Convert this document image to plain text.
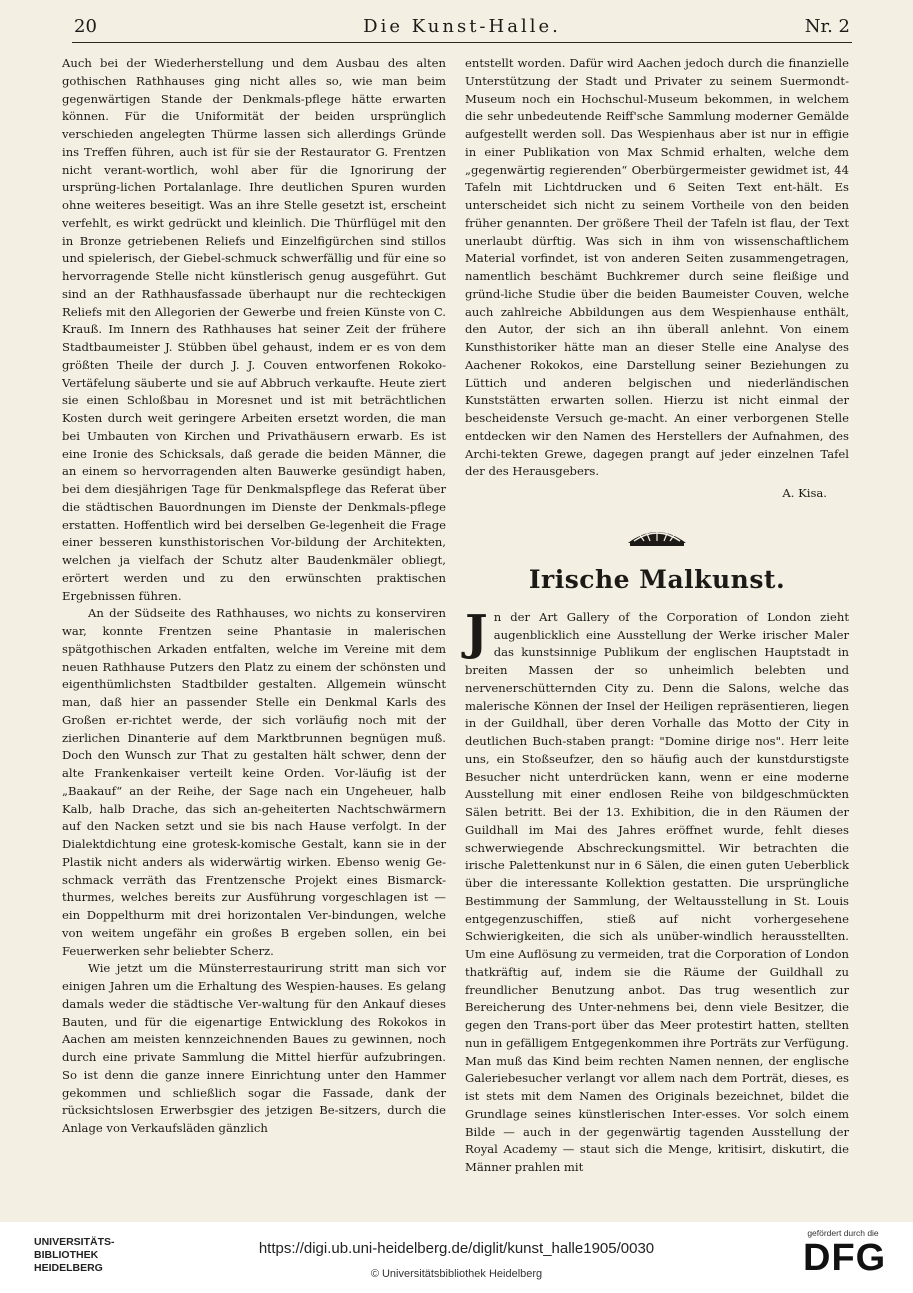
20	Die Kunst-Halle.	Nr. 2

Auch bei der Wiederherstellung und dem Ausbau des alten gothischen Rathhauses ging nicht alles so, wie man beim gegenwärtigen Stande der Denkmals-pflege hätte erwarten können. Für die Uniformität der beiden ursprünglich verschieden angelegten Thürme lassen sich allerdings Gründe ins Treffen führen, auch ist für sie der Restaurator G. Frentzen nicht verant-wortlich, wohl aber für die Ignorirung der ursprüng-lichen Portalanlage. Ihre deutlichen Spuren wurden ohne weiteres beseitigt. Was an ihre Stelle gesetzt ist, erscheint verfehlt, es wirkt gedrückt und kleinlich. Die Thürflügel mit den in Bronze getriebenen Reliefs und Einzelfigürchen sind stillos und spielerisch, der Giebel-schmuck schwerfällig und für eine so hervorragende Stelle nicht künstlerisch genug ausgeführt. Gut sind an der Rathhausfassade überhaupt nur die rechteckigen Reliefs mit den Allegorien der Gewerbe und freien Künste von C. Krauß. Im Innern des Rathhauses hat seiner Zeit der frühere Stadtbaumeister J. Stübben übel gehaust, indem er es von dem größten Theile der durch J. J. Couven entworfenen Rokoko-Vertäfelung säuberte und sie auf Abbruch verkaufte. Heute ziert sie einen Schloßbau in Moresnet und ist mit beträchtlichen Kosten durch weit geringere Arbeiten ersetzt worden, die man bei Umbauten von Kirchen und Privathäusern erwarb. Es ist eine Ironie des Schicksals, daß gerade die beiden Männer, die an einem so hervorragenden alten Bauwerke gesündigt haben, bei dem diesjährigen Tage für Denkmalspflege das Referat über die städtischen Bauordnungen im Dienste der Denkmals-pflege erstatten. Hoffentlich wird bei derselben Ge-legenheit die Frage einer besseren kunsthistorischen Vor-bildung der Architekten, welchen ja vielfach der Schutz alter Baudenkmäler obliegt, erörtert werden und zu den erwünschten praktischen Ergebnissen führen.

An der Südseite des Rathhauses, wo nichts zu konserviren war, konnte Frentzen seine Phantasie in malerischen spätgothischen Arkaden entfalten, welche im Vereine mit dem neuen Rathhause Putzers den Platz zu einem der schönsten und eigenthümlichsten Stadtbilder gestalten. Allgemein wünscht man, daß hier an passender Stelle ein Denkmal Karls des Großen er-richtet werde, der sich vorläufig noch mit der zierlichen Dinanterie auf dem Marktbrunnen begnügen muß. Doch den Wunsch zur That zu gestalten hält schwer, denn der alte Frankenkaiser verteilt keine Orden. Vor-läufig ist der „Baakauf“ an der Reihe, der Sage nach ein Ungeheuer, halb Kalb, halb Drache, das sich an-geheiterten Nachtschwärmern auf den Nacken setzt und sie bis nach Hause verfolgt. In der Dialektdichtung eine grotesk-komische Gestalt, kann sie in der Plastik nicht anders als widerwärtig wirken. Ebenso wenig Ge-schmack verräth das Frentzensche Projekt eines Bismarck-thurmes, welches bereits zur Ausführung vorgeschlagen ist — ein Doppelthurm mit drei horizontalen Ver-bindungen, welche von weitem ungefähr ein großes B ergeben sollen, ein bei Feuerwerken sehr beliebter Scherz.

Wie jetzt um die Münsterrestaurirung stritt man sich vor einigen Jahren um die Erhaltung des Wespien-hauses. Es gelang damals weder die städtische Ver-waltung für den Ankauf dieses Bauten, und für die eigenartige Entwicklung des Rokokos in Aachen am meisten kennzeichnenden Baues zu gewinnen, noch durch eine private Sammlung die Mittel hierfür aufzubringen. So ist denn die ganze innere Einrichtung unter den Hammer gekommen und schließlich sogar die Fassade, dank der rücksichtslosen Erwerbsgier des jetzigen Be-sitzers, durch die Anlage von Verkaufsläden gänzlich

entstellt worden. Dafür wird Aachen jedoch durch die finanzielle Unterstützung der Stadt und Privater zu seinem Suermondt-Museum noch ein Hochschul-Museum bekommen, in welchem die sehr unbedeutende Reiff'sche Sammlung moderner Gemälde aufgestellt werden soll. Das Wespienhaus aber ist nur in effigie in einer Publikation von Max Schmid erhalten, welche dem „gegenwärtig regierenden“ Oberbürgermeister gewidmet ist, 44 Tafeln mit Lichtdrucken und 6 Seiten Text ent-hält. Es unterscheidet sich nicht zu seinem Vortheile von den beiden früher genannten. Der größere Theil der Tafeln ist flau, der Text unerlaubt dürftig. Was sich in ihm von wissenschaftlichem Material vorfindet, ist von anderen Seiten zusammengetragen, namentlich beschämt Buchkremer durch seine fleißige und gründ-liche Studie über die beiden Baumeister Couven, welche auch zahlreiche Abbildungen aus dem Wespienhause enthält, den Autor, der sich an ihn überall anlehnt. Von einem Kunsthistoriker hätte man an dieser Stelle eine Analyse des Aachener Rokokos, eine Darstellung seiner Beziehungen zu Lüttich und anderen belgischen und niederländischen Kunststätten erwarten sollen. Hierzu ist nicht einmal der bescheidenste Versuch ge-macht. An einer verborgenen Stelle entdecken wir den Namen des Herstellers der Aufnahmen, des Archi-tekten Grewe, dagegen prangt auf jeder einzelnen Tafel der des Herausgebers.

A. Kisa.
Irische Malkunst.

Jn der Art Gallery of the Corporation of London zieht augenblicklich eine Ausstellung der Werke irischer Maler das kunstsinnige Publikum der englischen Hauptstadt in breiten Massen der so unheimlich belebten und nervenerschütternden City zu. Denn die Salons, welche das malerische Können der Insel der Heiligen repräsentieren, liegen in der Guildhall, über deren Vorhalle das Motto der City in deutlichen Buch-staben prangt: "Domine dirige nos". Herr leite uns, ein Stoßseufzer, den so häufig auch der kunstdurstigste Besucher nicht unterdrücken kann, wenn er eine moderne Ausstellung mit einer endlosen Reihe von bildgeschmückten Sälen betritt. Bei der 13. Exhibition, die in den Räumen der Guildhall im Mai des Jahres eröffnet wurde, fehlt dieses schwerwiegende Abschreckungsmittel. Wir betrachten die irische Palettenkunst nur in 6 Sälen, die einen guten Ueberblick über die interessante Kollektion gestatten. Die ursprüngliche Bestimmung der Sammlung, der Weltausstellung in St. Louis entgegenzuschiffen, stieß auf nicht vorhergesehene Schwierigkeiten, die sich als unüber-windlich herausstellten. Um eine Auflösung zu vermeiden, trat die Corporation of London thatkräftig auf, indem sie die Räume der Guildhall zu freundlicher Benutzung anbot. Das trug wesentlich zur Bereicherung des Unter-nehmens bei, denn viele Besitzer, die gegen den Trans-port über das Meer protestirt hatten, stellten nun in gefälligem Entgegenkommen ihre Porträts zur Verfügung. Man muß das Kind beim rechten Namen nennen, der englische Galeriebesucher verlangt vor allem nach dem Porträt, dieses, es ist stets mit dem Namen des Originals bezeichnet, bildet die Grundlage seines künstlerischen Inter-esses. Vor solch einem Bilde — auch in der gegenwärtig tagenden Ausstellung der Royal Academy — staut sich die Menge, kritisirt, diskutirt, die Männer prahlen mit

UNIVERSITÄTS-
BIBLIOTHEK
HEIDELBERG
https://digi.ub.uni-heidelberg.de/diglit/kunst_halle1905/0030
© Universitätsbibliothek Heidelberg
gefördert durch die
DFG
